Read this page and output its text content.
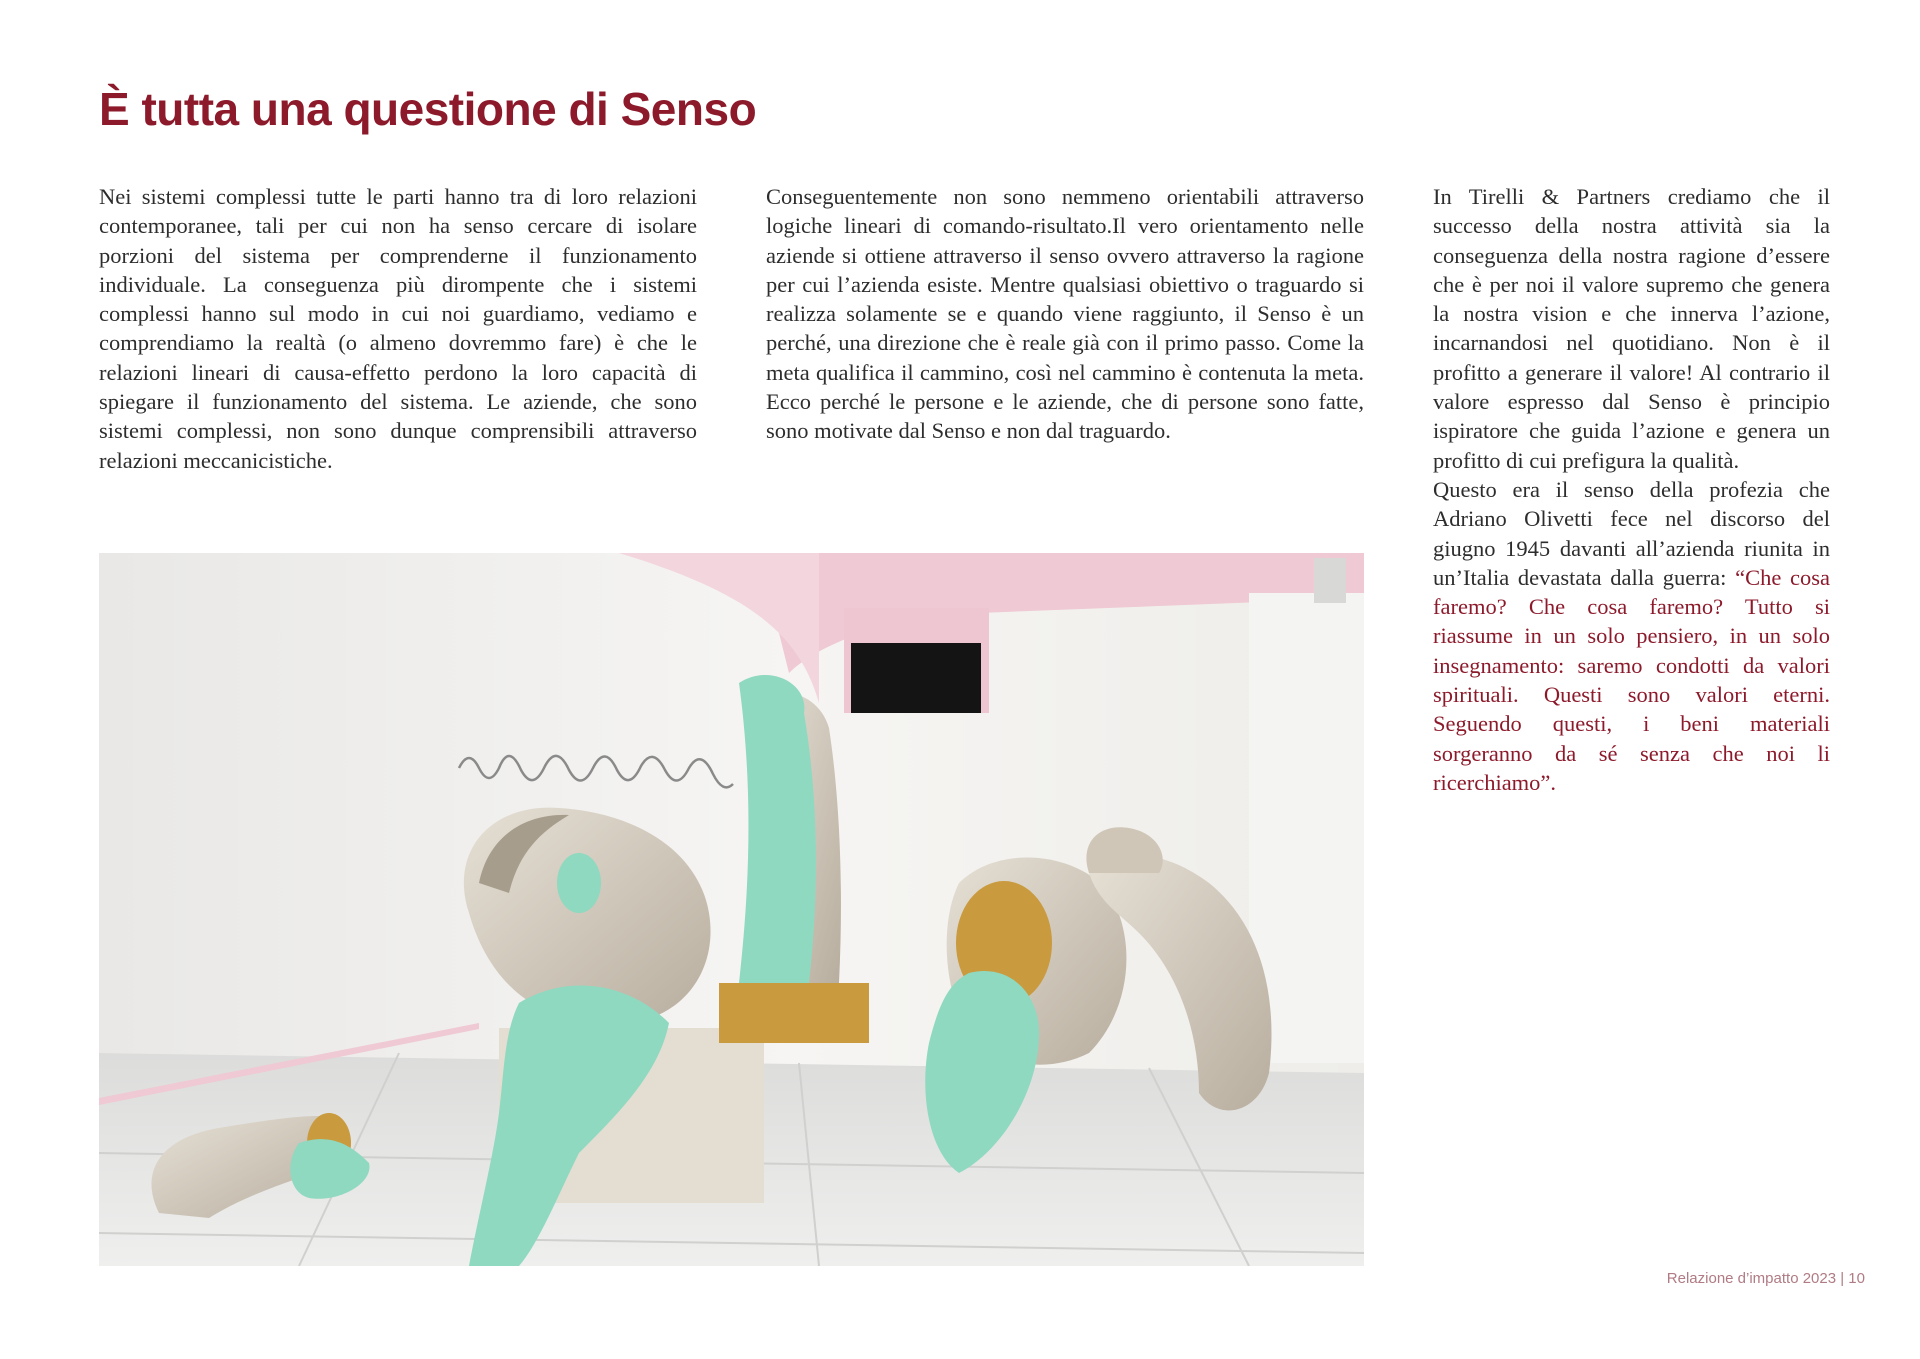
È tutta una questione di Senso

Nei sistemi complessi tutte le parti hanno tra di loro relazioni contemporanee, tali per cui non ha senso cercare di isolare porzioni del sistema per comprenderne il funzionamento individuale. La conseguenza più dirompente che i sistemi complessi hanno sul modo in cui noi guardiamo, vediamo e comprendiamo la realtà (o almeno dovremmo fare) è che le relazioni lineari di causa-effetto perdono la loro capacità di spiegare il funzionamento del sistema. Le aziende, che sono sistemi complessi, non sono dunque comprensibili attraverso relazioni meccanicistiche.

Conseguentemente non sono nemmeno orientabili attraverso logiche lineari di comando-risultato.Il vero orientamento nelle aziende si ottiene attraverso il senso ovvero attraverso la ragione per cui l’azienda esiste. Mentre qualsiasi obiettivo o traguardo si realizza solamente se e quando viene raggiunto, il Senso è un perché, una direzione che è reale già con il primo passo. Come la meta qualifica il cammino, così nel cammino è contenuta la meta. Ecco perché le persone e le aziende, che di persone sono fatte, sono motivate dal Senso e non dal traguardo.

In Tirelli & Partners crediamo che il successo della nostra attività sia la conseguenza della nostra ragione d’essere che è per noi il valore supremo che genera la nostra vision e che innerva l’azione, incarnandosi nel quotidiano. Non è il profitto a generare il valore! Al contrario il valore espresso dal Senso è principio ispiratore che guida l’azione e genera un profitto di cui prefigura la qualità.

Questo era il senso della profezia che Adriano Olivetti fece nel discorso del giugno 1945 davanti all’azienda riunita in un’Italia devastata dalla guerra: “Che cosa faremo? Che cosa faremo? Tutto si riassume in un solo pensiero, in un solo insegnamento: saremo condotti da valori spirituali. Questi sono valori eterni. Seguendo questi, i beni materiali sorgeranno da sé senza che noi li ricerchiamo”.

Relazione d’impatto 2023 | 10
